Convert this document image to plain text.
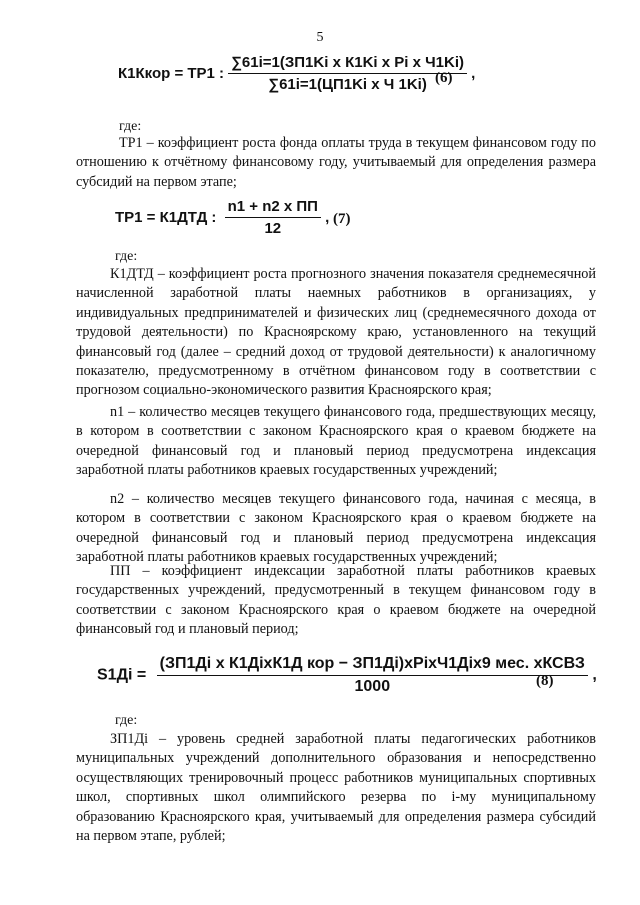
5
К1Ккор = ТР1 : $\frac{\text{∑61i=1(ЗП1Ki х К1Ki х Pi х Ч1Ki)}}{\text{∑61i=1(ЦП1Ki х Ч 1Ki)}}$ ,
(6)
где:

ТР1 – коэффициент роста фонда оплаты труда в текущем финансовом году по отношению к отчётному финансовому году, учитываемый для определения размера субсидий на первом этапе;

ТР1 = К1ДТД : $\frac{\text{n1 + n2 х ПП}}{12}$ , (7)
где:

К1ДТД – коэффициент роста прогнозного значения показателя среднемесячной начисленной заработной платы наемных работников в организациях, у индивидуальных предпринимателей и физических лиц (среднемесячного дохода от трудовой деятельности) по Красноярскому краю, установленного на текущий финансовый год (далее – средний доход от трудовой деятельности) к аналогичному показателю, предусмотренному в отчётном финансовом году в соответствии с прогнозом социально-экономического развития Красноярского края;

n1 – количество месяцев текущего финансового года, предшествующих месяцу, в котором в соответствии с законом Красноярского края о краевом бюджете на очередной финансовый год и плановый период предусмотрена индексация заработной платы работников краевых государственных учреждений;

n2 – количество месяцев текущего финансового года, начиная с месяца, в котором в соответствии с законом Красноярского края о краевом бюджете на очередной финансовый год и плановый период предусмотрена индексация заработной платы работников краевых государственных учреждений;

ПП – коэффициент индексации заработной платы работников краевых государственных учреждений, предусмотренный в текущем финансовом году в соответствии с законом Красноярского края о краевом бюджете на очередной финансовый год и плановый период;

$S1Дi = \frac{\text{(ЗП1Дi х К1ДiхК1Д кор − ЗП1Дi)хPiхЧ1Дiх9 мес. хКСВЗ}}{1000}$ ,
(8)
где:

ЗП1Дi – уровень средней заработной платы педагогических работников муниципальных учреждений дополнительного образования и непосредственно осуществляющих тренировочный процесс работников муниципальных спортивных школ, спортивных школ олимпийского резерва по i-му муниципальному образованию Красноярского края, учитываемый для определения размера субсидий на первом этапе, рублей;
